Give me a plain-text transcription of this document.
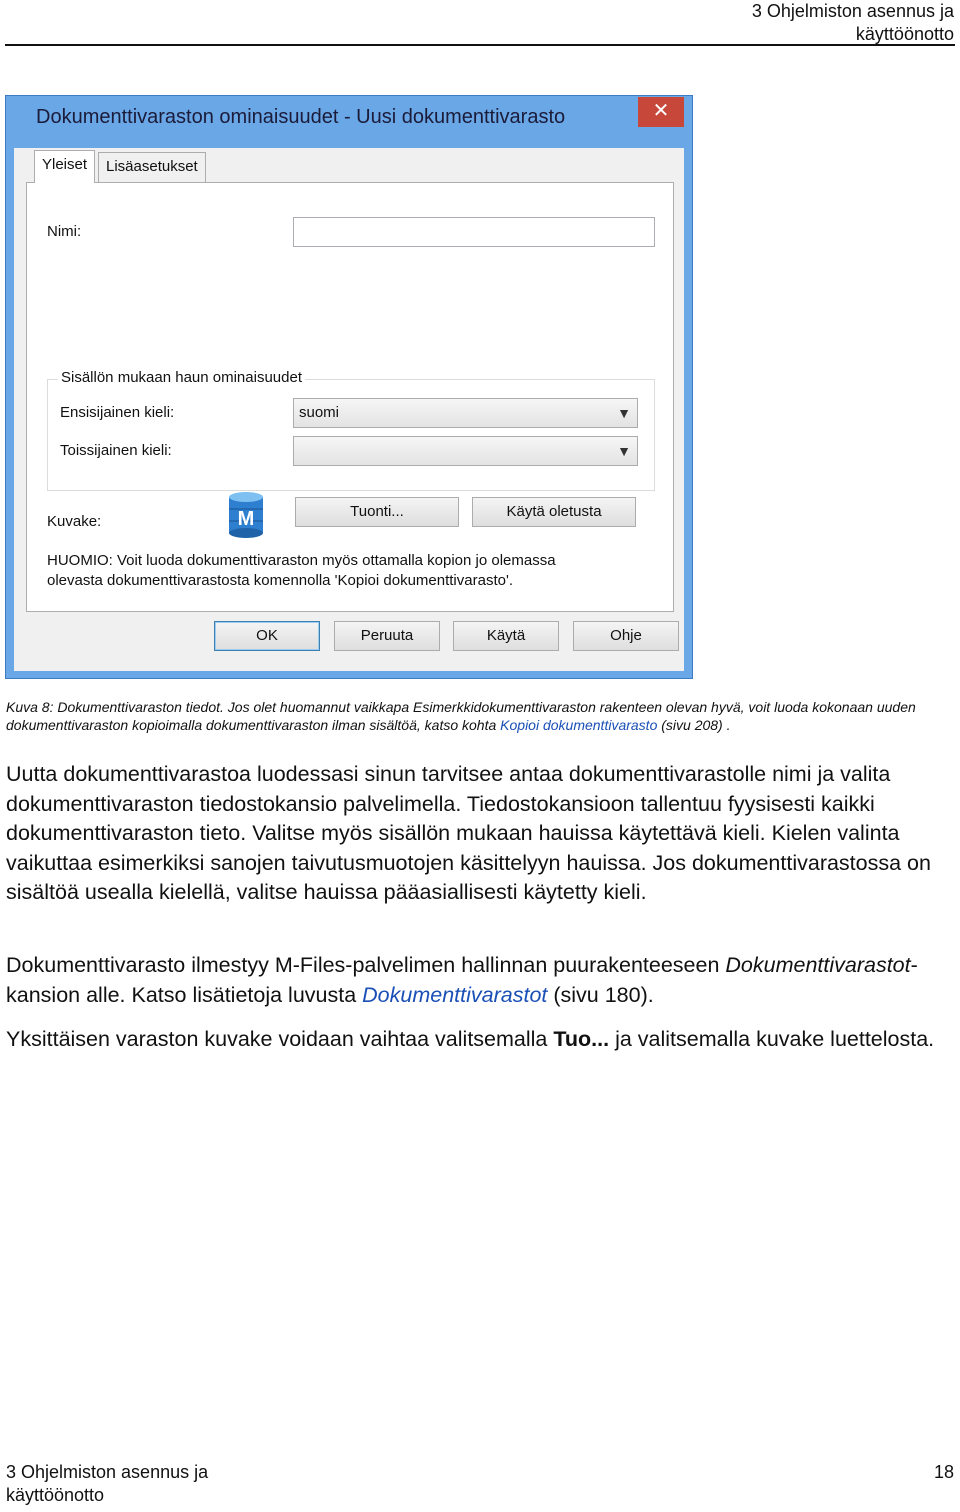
3 Ohjelmiston asennus ja
käyttöönotto
Dokumenttivaraston ominaisuudet - Uusi dokumenttivarasto	✕
Yleiset	Lisäasetukset
Nimi:
Sisällön mukaan haun ominaisuudet
Ensisijainen kieli:	suomi	▼
Toissijainen kieli:	▼
Kuvake:	M	Tuonti...	Käytä oletusta
HUOMIO: Voit luoda dokumenttivaraston myös ottamalla kopion jo olemassa
olevasta dokumenttivarastosta komennolla 'Kopioi dokumenttivarasto'.
OK	Peruuta	Käytä	Ohje
Kuva 8: Dokumenttivaraston tiedot. Jos olet huomannut vaikkapa Esimerkkidokumenttivaraston rakenteen olevan hyvä, voit luoda kokonaan uuden dokumenttivaraston kopioimalla dokumenttivaraston ilman sisältöä, katso kohta Kopioi dokumenttivarasto (sivu 208) .
Uutta dokumenttivarastoa luodessasi sinun tarvitsee antaa dokumenttivarastolle nimi ja valita dokumenttivaraston tiedostokansio palvelimella. Tiedostokansioon tallentuu fyysisesti kaikki dokumenttivaraston tieto. Valitse myös sisällön mukaan hauissa käytettävä kieli. Kielen valinta vaikuttaa esimerkiksi sanojen taivutusmuotojen käsittelyyn hauissa. Jos dokumenttivarastossa on sisältöä usealla kielellä, valitse hauissa pääasiallisesti käytetty kieli.
Dokumenttivarasto ilmestyy M-Files-palvelimen hallinnan puurakenteeseen Dokumenttivarastot-kansion alle. Katso lisätietoja luvusta Dokumenttivarastot (sivu 180).
Yksittäisen varaston kuvake voidaan vaihtaa valitsemalla Tuo... ja valitsemalla kuvake luettelosta.
3 Ohjelmiston asennus ja
käyttöönotto
18
